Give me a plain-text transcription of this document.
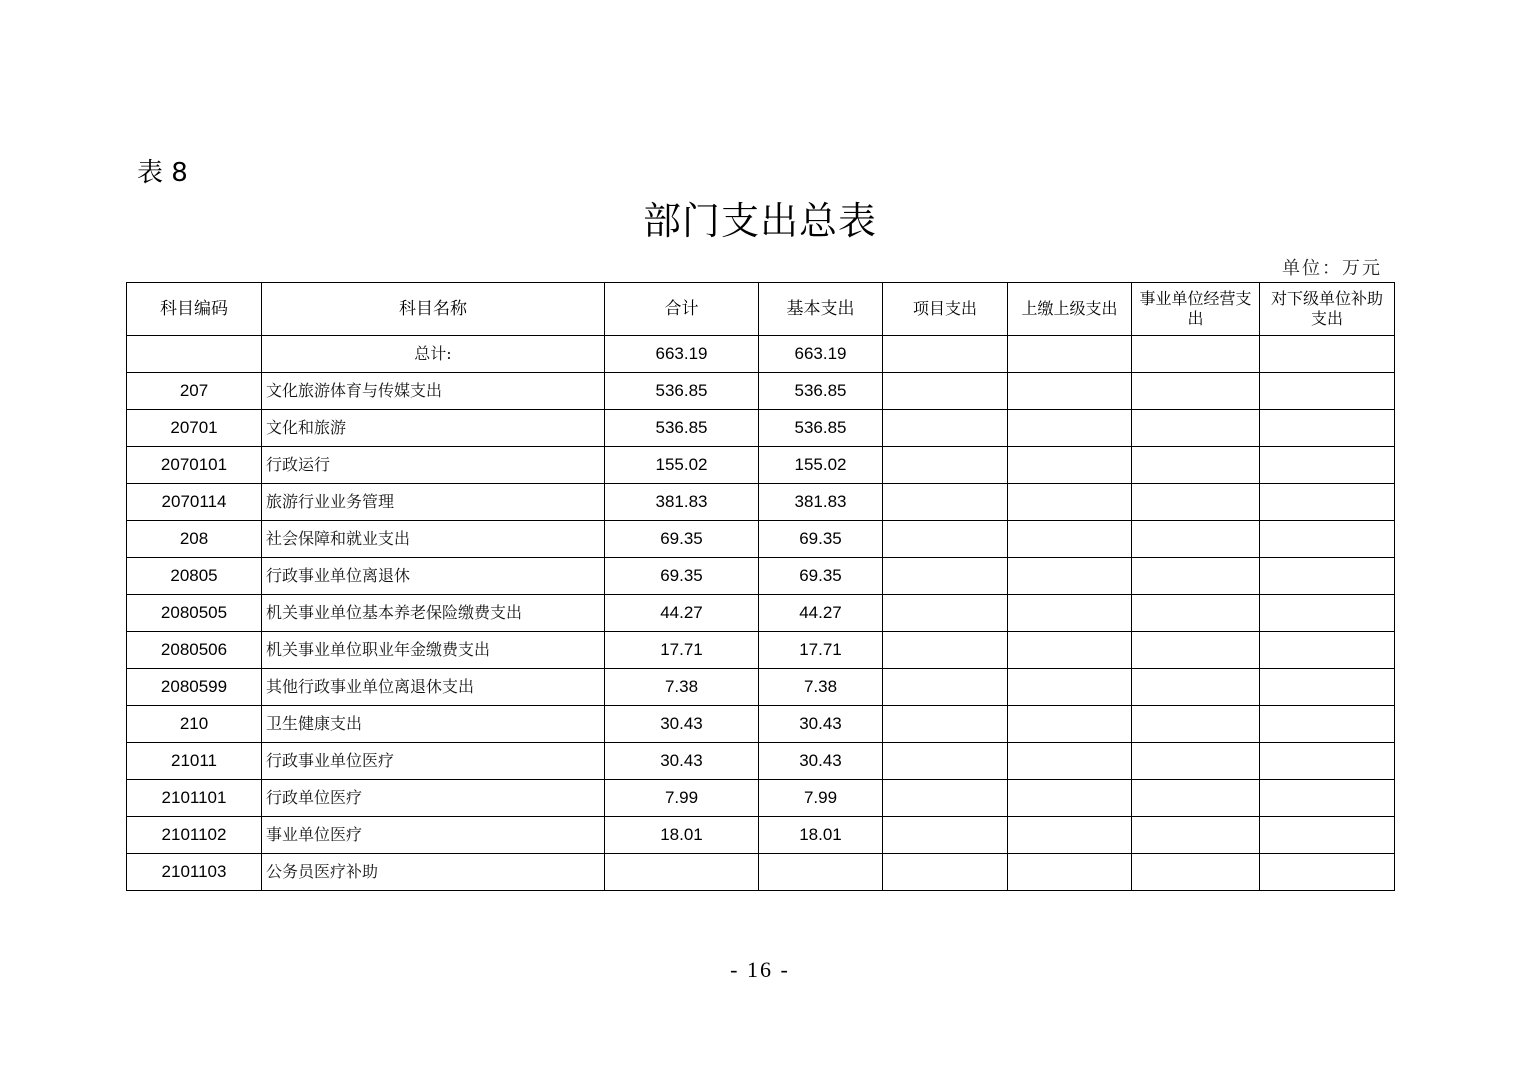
表 8
部门支出总表
单位：万元
科目编码	科目名称	合计	基本支出	项目支出	上缴上级支出	事业单位经营支出	对下级单位补助支出
	总计:	663.19	663.19				
207	文化旅游体育与传媒支出	536.85	536.85				
20701	文化和旅游	536.85	536.85				
2070101	行政运行	155.02	155.02				
2070114	旅游行业业务管理	381.83	381.83				
208	社会保障和就业支出	69.35	69.35				
20805	行政事业单位离退休	69.35	69.35				
2080505	机关事业单位基本养老保险缴费支出	44.27	44.27				
2080506	机关事业单位职业年金缴费支出	17.71	17.71				
2080599	其他行政事业单位离退休支出	7.38	7.38				
210	卫生健康支出	30.43	30.43				
21011	行政事业单位医疗	30.43	30.43				
2101101	行政单位医疗	7.99	7.99				
2101102	事业单位医疗	18.01	18.01				
2101103	公务员医疗补助						
- 16 -
